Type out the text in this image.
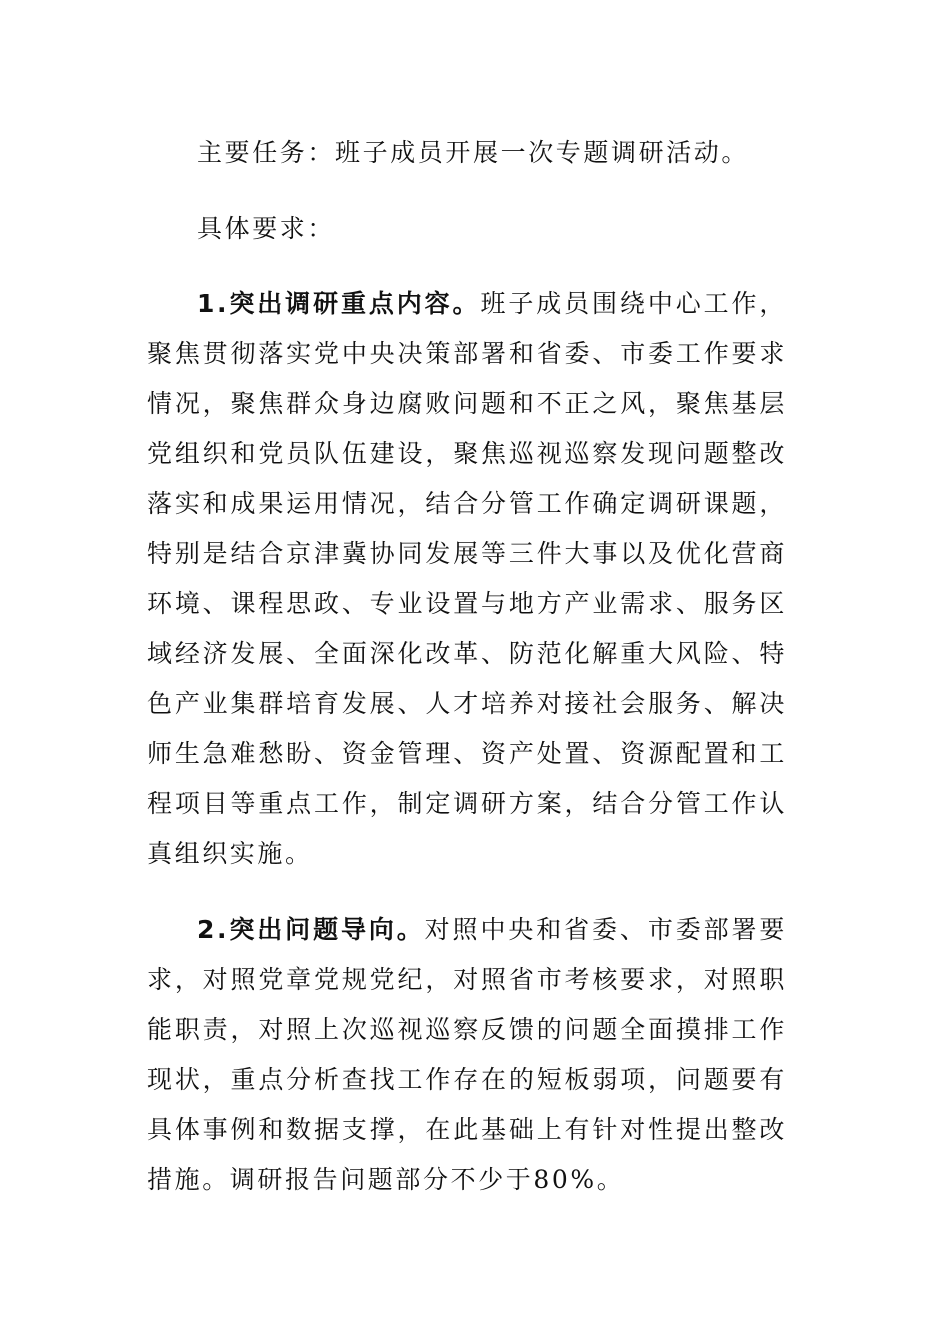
主要任务：班子成员开展一次专题调研活动。

具体要求：

1.突出调研重点内容。班子成员围绕中心工作，聚焦贯彻落实党中央决策部署和省委、市委工作要求情况，聚焦群众身边腐败问题和不正之风，聚焦基层党组织和党员队伍建设，聚焦巡视巡察发现问题整改落实和成果运用情况，结合分管工作确定调研课题，特别是结合京津冀协同发展等三件大事以及优化营商环境、课程思政、专业设置与地方产业需求、服务区域经济发展、全面深化改革、防范化解重大风险、特色产业集群培育发展、人才培养对接社会服务、解决师生急难愁盼、资金管理、资产处置、资源配置和工程项目等重点工作，制定调研方案，结合分管工作认真组织实施。

2.突出问题导向。对照中央和省委、市委部署要求，对照党章党规党纪，对照省市考核要求，对照职能职责，对照上次巡视巡察反馈的问题全面摸排工作现状，重点分析查找工作存在的短板弱项，问题要有具体事例和数据支撑，在此基础上有针对性提出整改措施。调研报告问题部分不少于80%。
